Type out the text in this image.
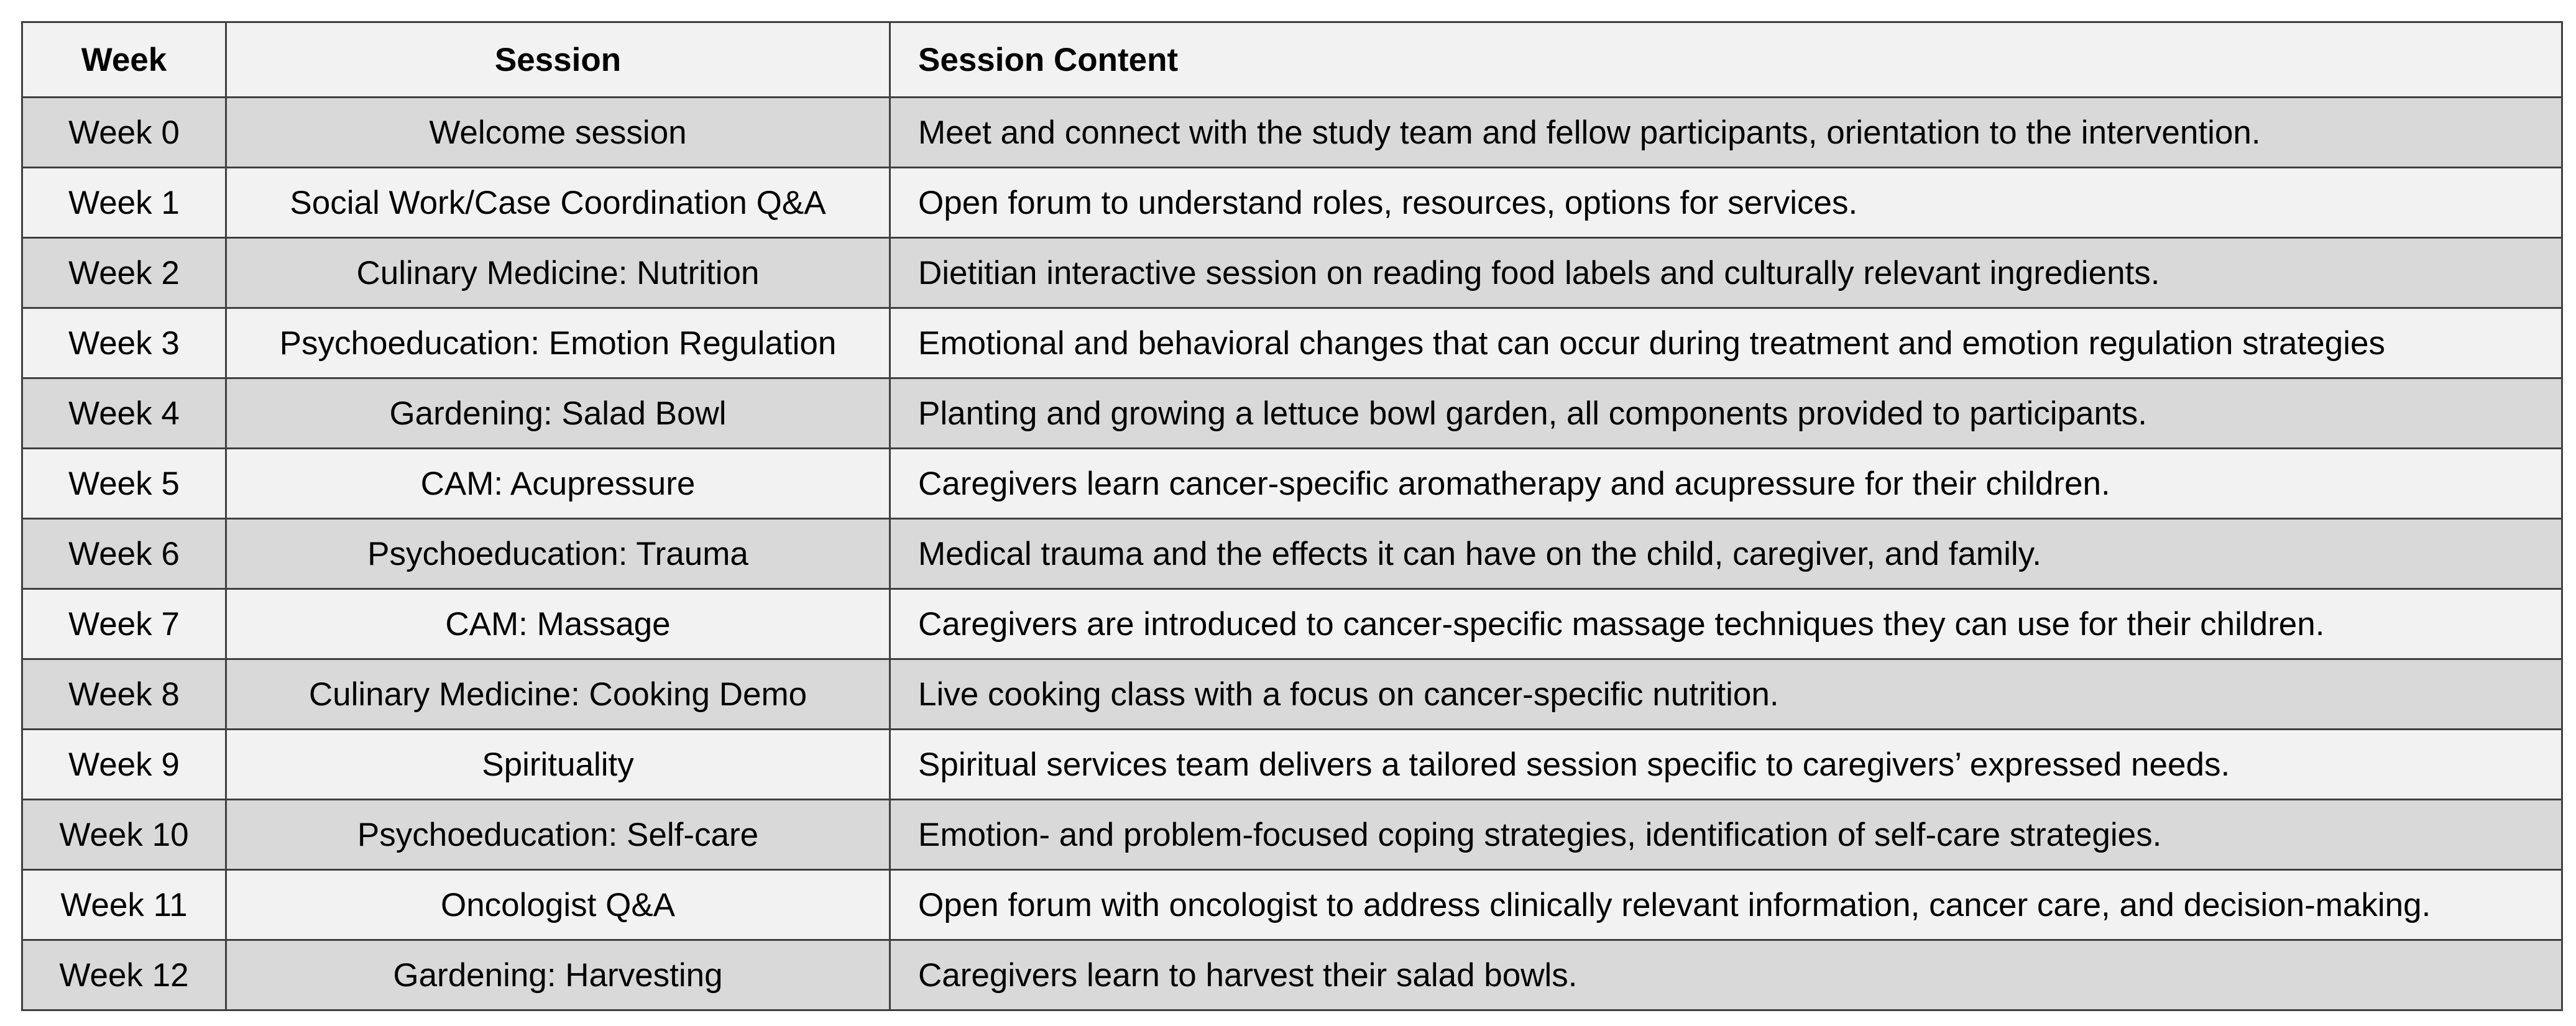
Week	Session	Session Content
Week 0	Welcome session	Meet and connect with the study team and fellow participants, orientation to the intervention.
Week 1	Social Work/Case Coordination Q&A	Open forum to understand roles, resources, options for services.
Week 2	Culinary Medicine: Nutrition	Dietitian interactive session on reading food labels and culturally relevant ingredients.
Week 3	Psychoeducation: Emotion Regulation	Emotional and behavioral changes that can occur during treatment and emotion regulation strategies
Week 4	Gardening: Salad Bowl	Planting and growing a lettuce bowl garden, all components provided to participants.
Week 5	CAM: Acupressure	Caregivers learn cancer-specific aromatherapy and acupressure for their children.
Week 6	Psychoeducation: Trauma	Medical trauma and the effects it can have on the child, caregiver, and family.
Week 7	CAM: Massage	Caregivers are introduced to cancer-specific massage techniques they can use for their children.
Week 8	Culinary Medicine: Cooking Demo	Live cooking class with a focus on cancer-specific nutrition.
Week 9	Spirituality	Spiritual services team delivers a tailored session specific to caregivers’ expressed needs.
Week 10	Psychoeducation: Self-care	Emotion- and problem-focused coping strategies, identification of self-care strategies.
Week 11	Oncologist Q&A	Open forum with oncologist to address clinically relevant information, cancer care, and decision-making.
Week 12	Gardening: Harvesting	Caregivers learn to harvest their salad bowls.
